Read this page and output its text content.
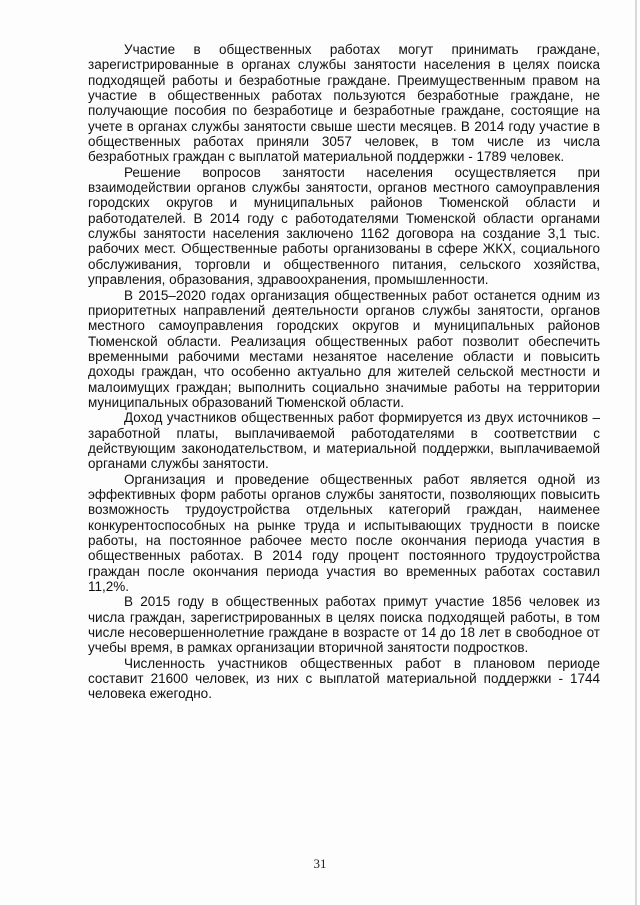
Участие в общественных работах могут принимать граждане, зарегистрированные в органах службы занятости населения в целях поиска подходящей работы и безработные граждане. Преимущественным правом на участие в общественных работах пользуются безработные граждане, не получающие пособия по безработице и безработные граждане, состоящие на учете в органах службы занятости свыше шести месяцев. В 2014 году участие в общественных работах приняли 3057 человек, в том числе из числа безработных граждан с выплатой материальной поддержки - 1789 человек.

Решение вопросов занятости населения осуществляется при взаимодействии органов службы занятости, органов местного самоуправления городских округов и муниципальных районов Тюменской области и работодателей. В 2014 году с работодателями Тюменской области органами службы занятости населения заключено 1162 договора на создание 3,1 тыс. рабочих мест. Общественные работы организованы в сфере ЖКХ, социального обслуживания, торговли и общественного питания, сельского хозяйства, управления, образования, здравоохранения, промышленности.

В 2015–2020 годах организация общественных работ останется одним из приоритетных направлений деятельности органов службы занятости, органов местного самоуправления городских округов и муниципальных районов Тюменской области. Реализация общественных работ позволит обеспечить временными рабочими местами незанятое население области и повысить доходы граждан, что особенно актуально для жителей сельской местности и малоимущих граждан; выполнить социально значимые работы на территории муниципальных образований Тюменской области.

Доход участников общественных работ формируется из двух источников – заработной платы, выплачиваемой работодателями в соответствии с действующим законодательством, и материальной поддержки, выплачиваемой органами службы занятости.

Организация и проведение общественных работ является одной из эффективных форм работы органов службы занятости, позволяющих повысить возможность трудоустройства отдельных категорий граждан, наименее конкурентоспособных на рынке труда и испытывающих трудности в поиске работы, на постоянное рабочее место после окончания периода участия в общественных работах. В 2014 году процент постоянного трудоустройства граждан после окончания периода участия во временных работах составил 11,2%.

В 2015 году в общественных работах примут участие 1856 человек из числа граждан, зарегистрированных в целях поиска подходящей работы, в том числе несовершеннолетние граждане в возрасте от 14 до 18 лет в свободное от учебы время, в рамках организации вторичной занятости подростков.

Численность участников общественных работ в плановом периоде составит 21600 человек, из них с выплатой материальной поддержки - 1744 человека ежегодно.

31
